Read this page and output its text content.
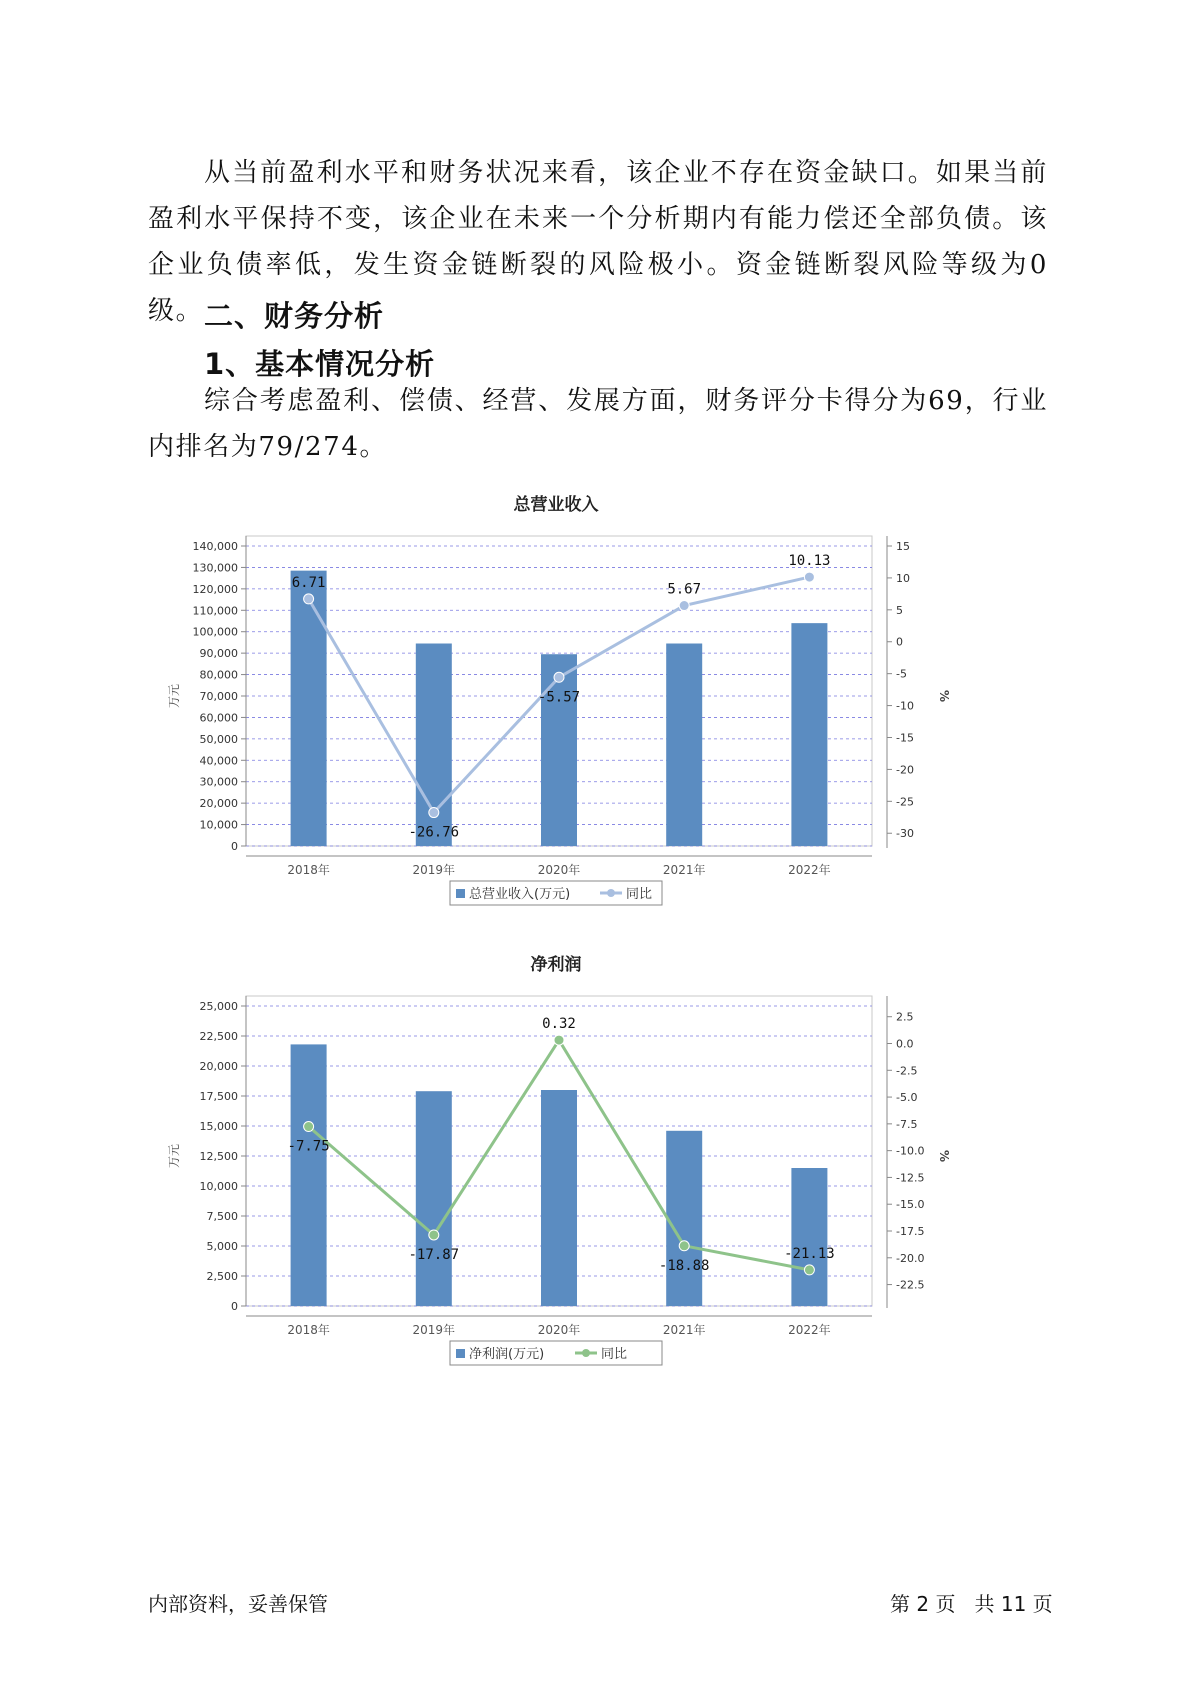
从当前盈利水平和财务状况来看，该企业不存在资金缺口。如果当前盈利水平保持不变，该企业在未来一个分析期内有能力偿还全部负债。该企业负债率低，发生资金链断裂的风险极小。资金链断裂风险等级为0级。 二、财务分析
1、基本情况分析

综合考虑盈利、偿债、经营、发展方面，财务评分卡得分为69，行业内排名为79/274。

总营业收入
0
10,000
20,000
30,000
40,000
50,000
60,000
70,000
80,000
90,000
100,000
110,000
120,000
130,000
140,000
万元
-30
-25
-20
-15
-10
-5
0
5
10
15
%
2018年	2019年	2020年	2021年	2022年
6.71
-26.76
-5.57
5.67
10.13
总营业收入(万元)	同比
净利润
0
2,500
5,000
7,500
10,000
12,500
15,000
17,500
20,000
22,500
25,000
万元
-22.5
-20.0
-17.5
-15.0
-12.5
-10.0
-7.5
-5.0
-2.5
0.0
2.5
%
2018年	2019年	2020年	2021年	2022年
-7.75
-17.87
0.32
-18.88
-21.13
净利润(万元)	同比
内部资料，妥善保管	第 2 页   共 11 页
